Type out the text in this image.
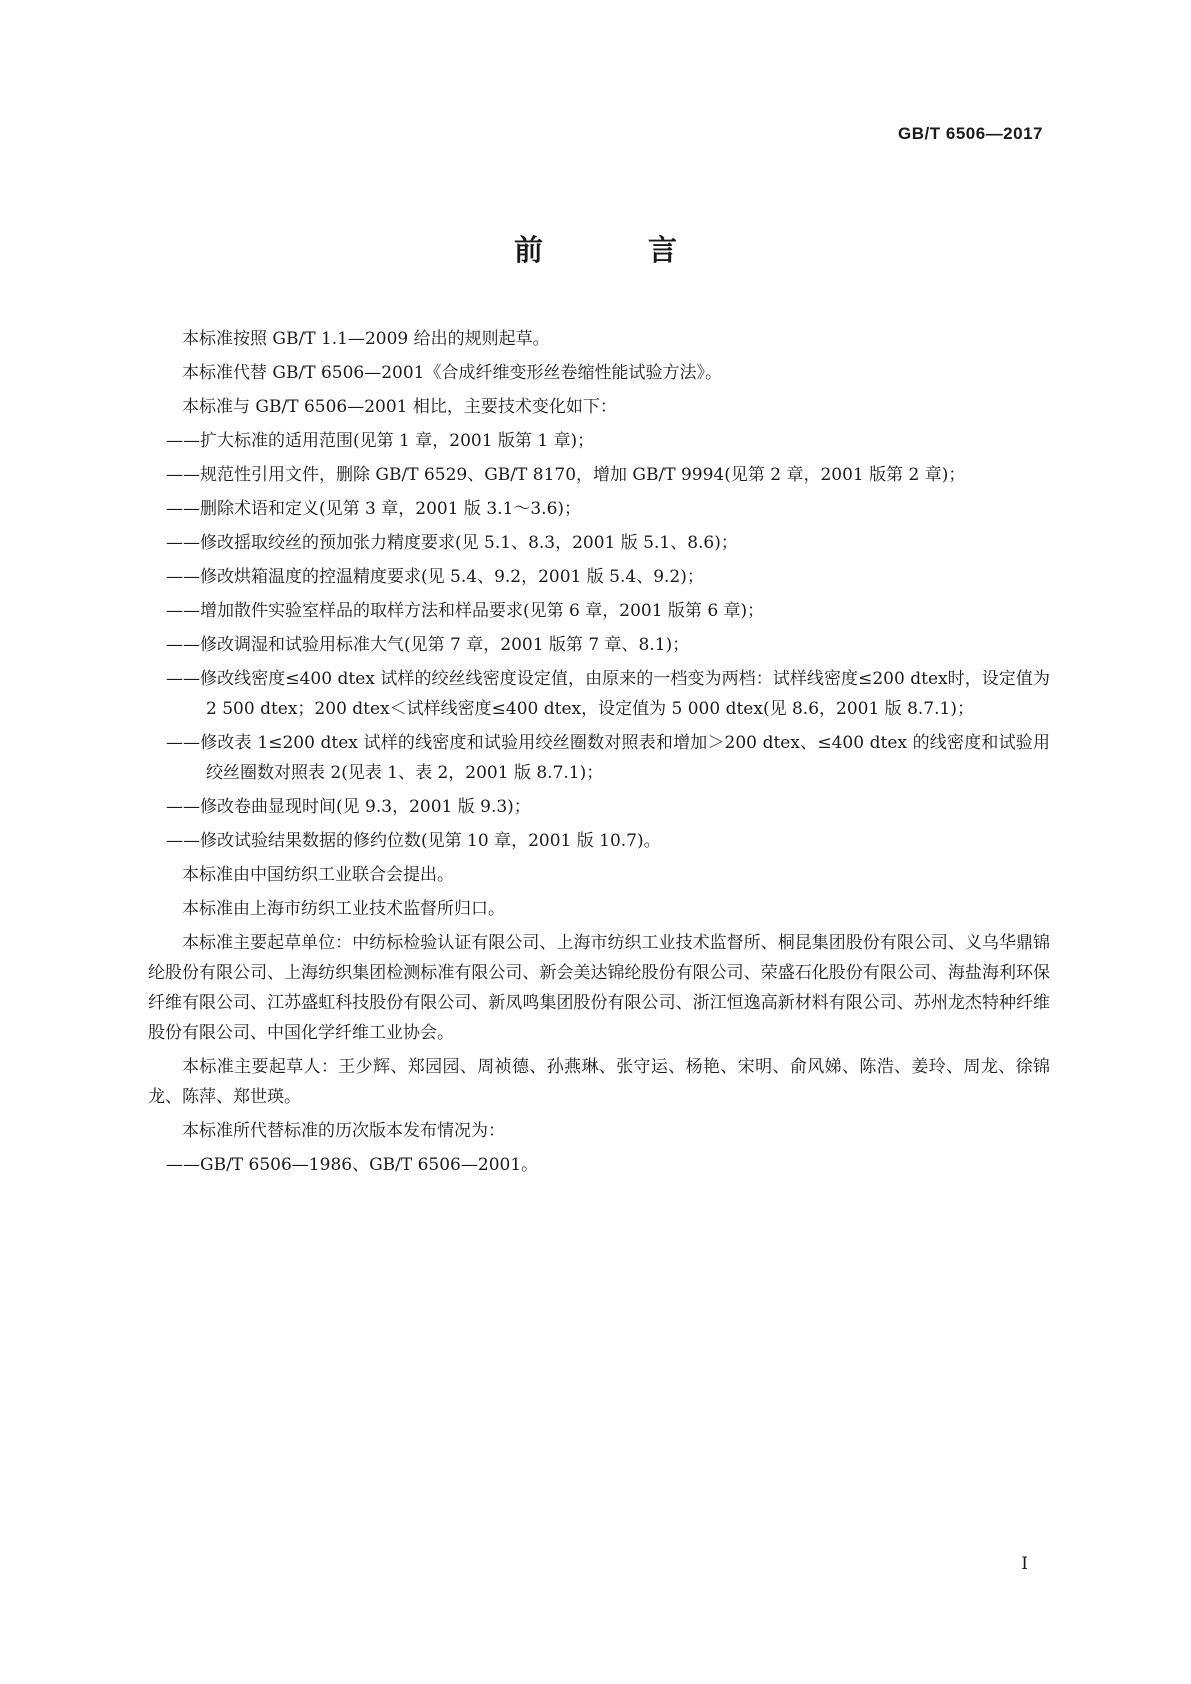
GB/T 6506—2017
前　言

本标准按照 GB/T 1.1—2009 给出的规则起草。

本标准代替 GB/T 6506—2001《合成纤维变形丝卷缩性能试验方法》。

本标准与 GB/T 6506—2001 相比，主要技术变化如下：

——扩大标准的适用范围(见第 1 章，2001 版第 1 章)；

——规范性引用文件，删除 GB/T 6529、GB/T 8170，增加 GB/T 9994(见第 2 章，2001 版第 2 章)；

——删除术语和定义(见第 3 章，2001 版 3.1～3.6)；

——修改摇取绞丝的预加张力精度要求(见 5.1、8.3，2001 版 5.1、8.6)；

——修改烘箱温度的控温精度要求(见 5.4、9.2，2001 版 5.4、9.2)；

——增加散件实验室样品的取样方法和样品要求(见第 6 章，2001 版第 6 章)；

——修改调湿和试验用标准大气(见第 7 章，2001 版第 7 章、8.1)；

——修改线密度≤400 dtex 试样的绞丝线密度设定值，由原来的一档变为两档：试样线密度≤200 dtex时，设定值为 2 500 dtex；200 dtex＜试样线密度≤400 dtex，设定值为 5 000 dtex(见 8.6，2001 版 8.7.1)；

——修改表 1≤200 dtex 试样的线密度和试验用绞丝圈数对照表和增加＞200 dtex、≤400 dtex 的线密度和试验用绞丝圈数对照表 2(见表 1、表 2，2001 版 8.7.1)；

——修改卷曲显现时间(见 9.3，2001 版 9.3)；

——修改试验结果数据的修约位数(见第 10 章，2001 版 10.7)。

本标准由中国纺织工业联合会提出。

本标准由上海市纺织工业技术监督所归口。

本标准主要起草单位：中纺标检验认证有限公司、上海市纺织工业技术监督所、桐昆集团股份有限公司、义乌华鼎锦纶股份有限公司、上海纺织集团检测标准有限公司、新会美达锦纶股份有限公司、荣盛石化股份有限公司、海盐海利环保纤维有限公司、江苏盛虹科技股份有限公司、新凤鸣集团股份有限公司、浙江恒逸高新材料有限公司、苏州龙杰特种纤维股份有限公司、中国化学纤维工业协会。

本标准主要起草人：王少辉、郑园园、周祯德、孙燕琳、张守运、杨艳、宋明、俞风娣、陈浩、姜玲、周龙、徐锦龙、陈萍、郑世瑛。

本标准所代替标准的历次版本发布情况为：

——GB/T 6506—1986、GB/T 6506—2001。

I
